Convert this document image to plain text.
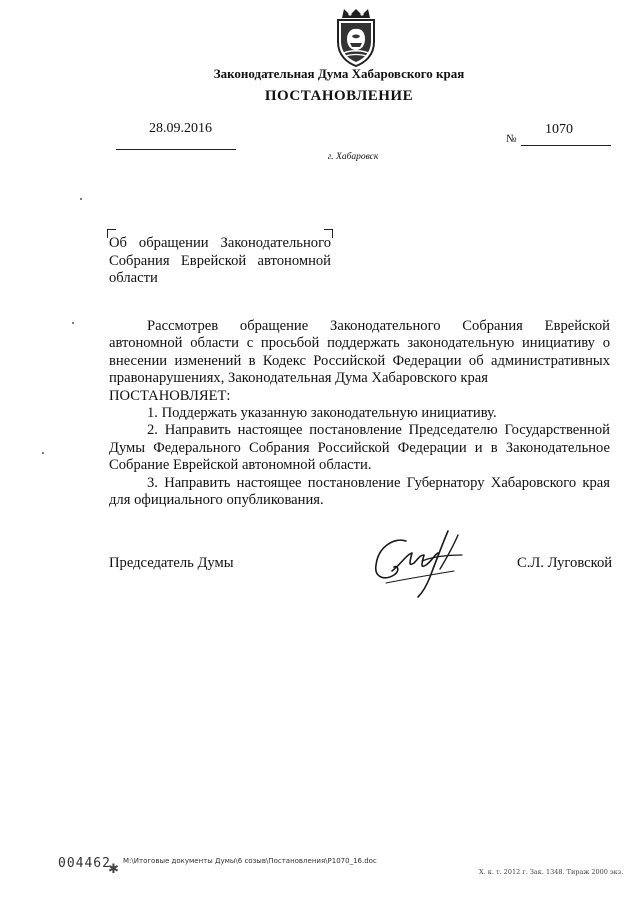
Законодательная Дума Хабаровского края
ПОСТАНОВЛЕНИЕ
28.09.2016
№
1070
г. Хабаровск
Об обращении Законодательного
Собрания Еврейской автономной
области

Рассмотрев обращение Законодательного Собрания Еврейской автономной области с просьбой поддержать законодательную инициативу о внесении изменений в Кодекс Российской Федерации об административных правонарушениях, Законодательная Дума Хабаровского края

ПОСТАНОВЛЯЕТ:

1. Поддержать указанную законодательную инициативу.

2. Направить настоящее постановление Председателю Государственной Думы Федерального Собрания Российской Федерации и в Законодательное Собрание Еврейской автономной области.

3. Направить настоящее постановление Губернатору Хабаровского края для официального опубликования.

Председатель Думы	С.Л. Луговской
004462
✱ М:\Итоговые документы Думы\6 созыв\Постановления\Р1070_16.doc
Х. к. т. 2012 г. Зак. 1348. Тираж 2000 экз.
